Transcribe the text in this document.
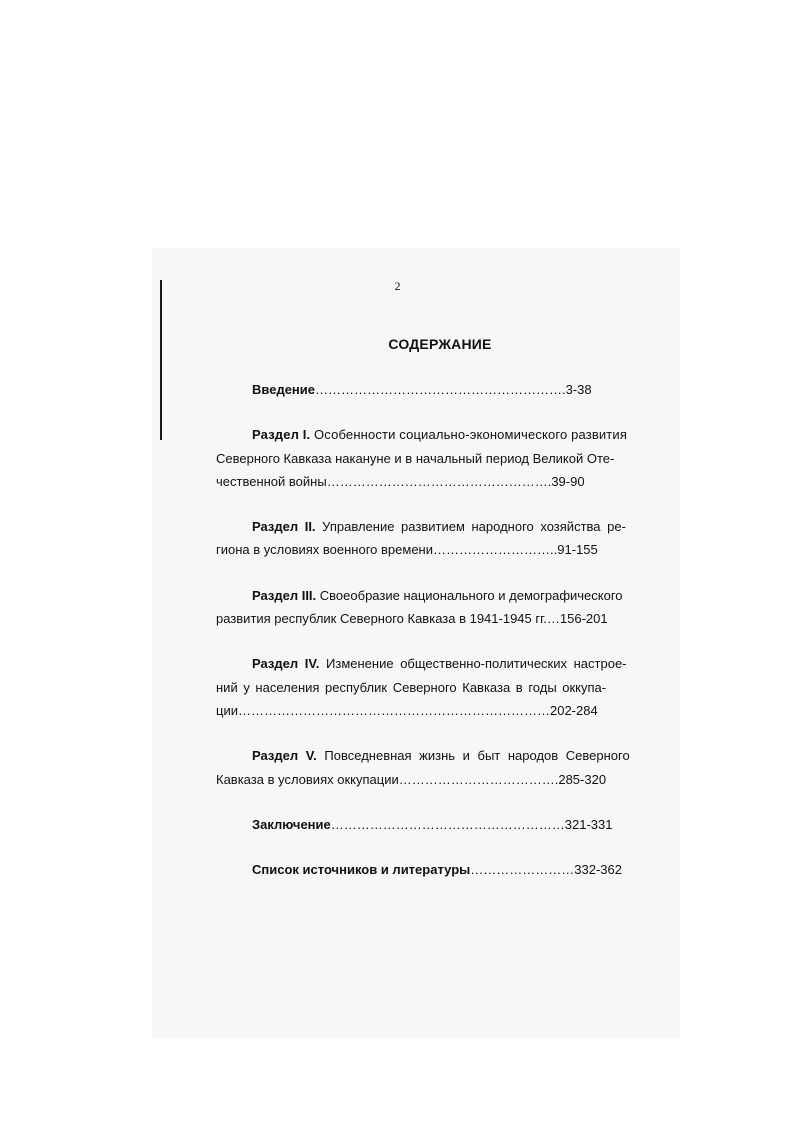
2
СОДЕРЖАНИЕ

Введение………………………………………………….3-38

Раздел I. Особенности социально-экономического развития
Северного Кавказа накануне и в начальный период Великой Оте-
чественной войны…………………………………………….39-90

Раздел II. Управление развитием народного хозяйства ре-
гиона в условиях военного времени………………………..91-155

Раздел III. Своеобразие национального и демографического
развития республик Северного Кавказа в 1941-1945 гг.…156-201

Раздел IV. Изменение общественно-политических настрое-
ний у населения республик Северного Кавказа в годы оккупа-
ции………………………………………………………………202-284

Раздел V. Повседневная жизнь и быт народов Северного
Кавказа в условиях оккупации……………………………….285-320

Заключение………………………………………………321-331

Список источников и литературы……………………332-362
